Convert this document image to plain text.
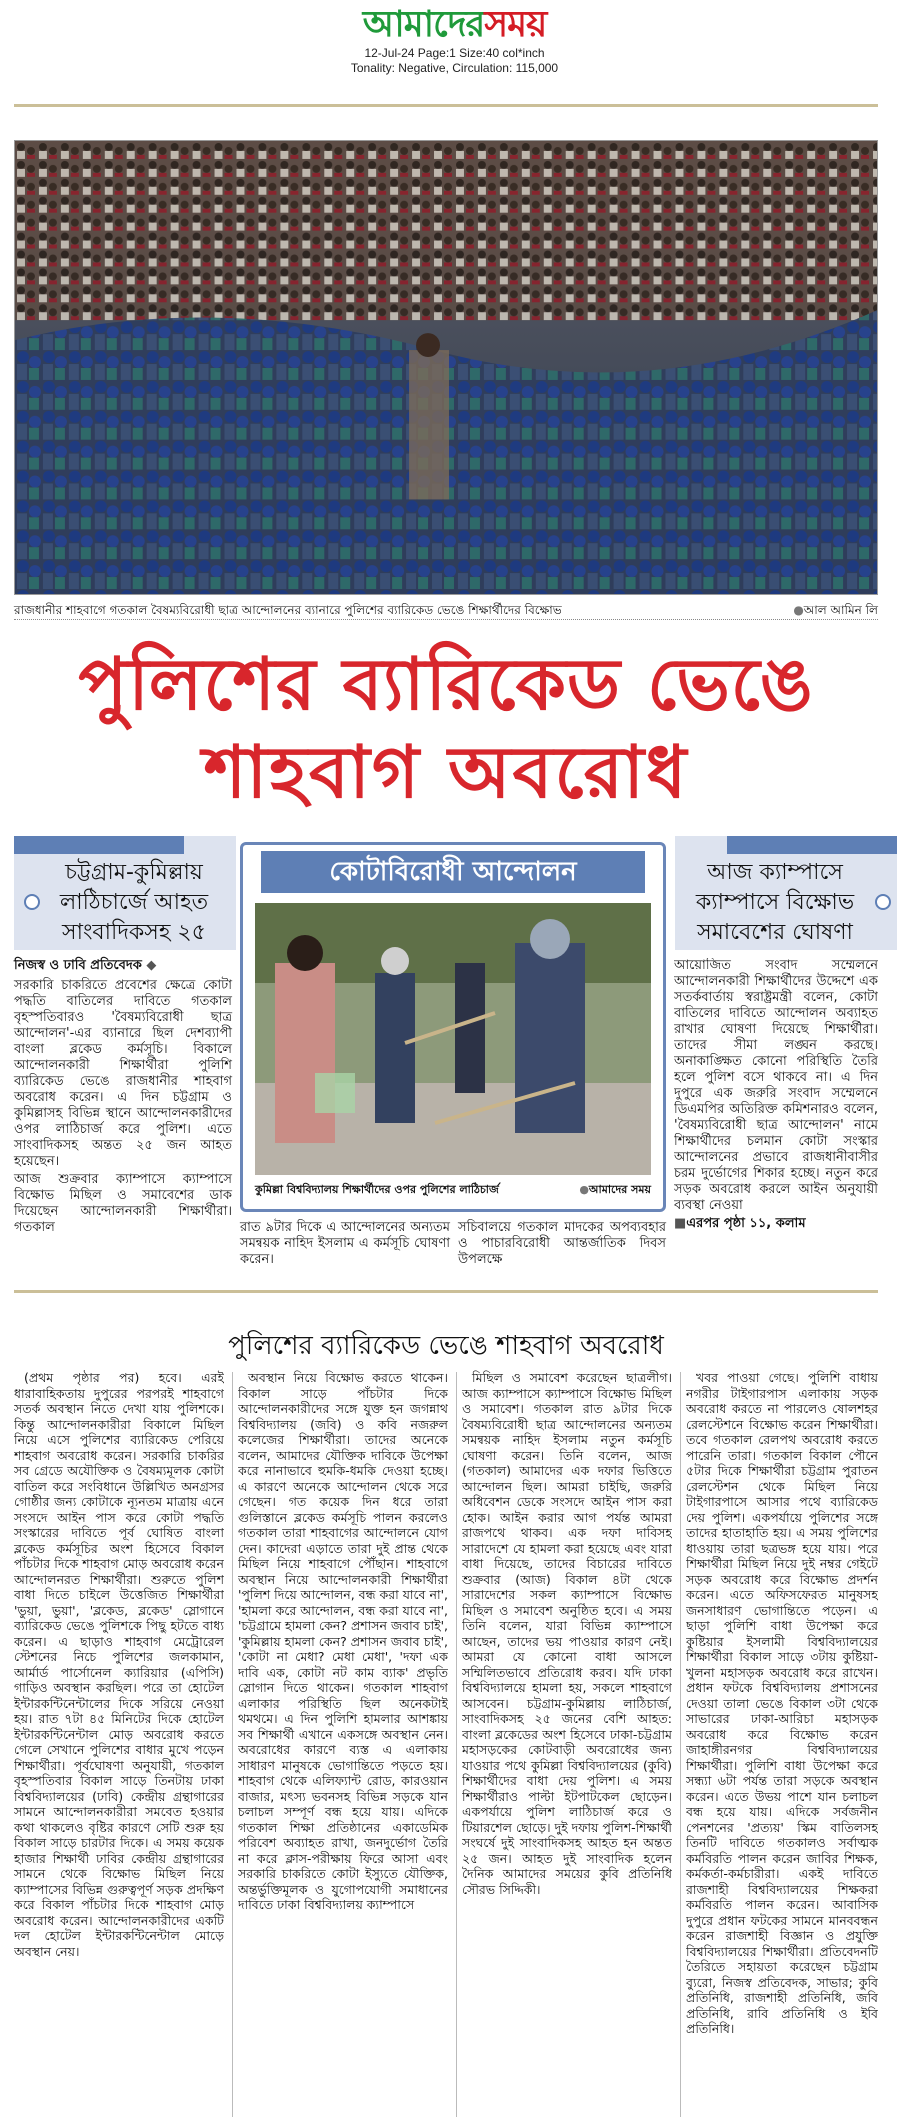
আমাদেরসময়
12-Jul-24 Page:1 Size:40 col*inch
Tonality: Negative, Circulation: 115,000
রাজধানীর শাহবাগে গতকাল বৈষম্যবিরোধী ছাত্র আন্দোলনের ব্যানারে পুলিশের ব্যারিকেড ভেঙে শিক্ষার্থীদের বিক্ষোভ	● আল আমিন লি
পুলিশের ব্যারিকেড ভেঙে
শাহবাগ অবরোধ
চট্টগ্রাম-কুমিল্লায় লাঠিচার্জে আহত সাংবাদিকসহ ২৫
আজ ক্যাম্পাসে ক্যাম্পাসে বিক্ষোভ সমাবেশের ঘোষণা
কোটাবিরোধী আন্দোলন
কুমিল্লা বিশ্ববিদ্যালয় শিক্ষার্থীদের ওপর পুলিশের লাঠিচার্জ	● আমাদের সময়
নিজস্ব ও ঢাবি প্রতিবেদক ◆

সরকারি চাকরিতে প্রবেশের ক্ষেত্রে কোটা পদ্ধতি বাতিলের দাবিতে গতকাল বৃহস্পতিবারও 'বৈষম্যবিরোধী ছাত্র আন্দোলন'-এর ব্যানারে ছিল দেশব্যাপী বাংলা ব্লকেড কর্মসূচি। বিকালে আন্দোলনকারী শিক্ষার্থীরা পুলিশি ব্যারিকেড ভেঙে রাজধানীর শাহবাগ অবরোধ করেন। এ দিন চট্টগ্রাম ও কুমিল্লাসহ বিভিন্ন স্থানে আন্দোলনকারীদের ওপর লাঠিচার্জ করে পুলিশ। এতে সাংবাদিকসহ অন্তত ২৫ জন আহত হয়েছেন।

আজ শুক্রবার ক্যাম্পাসে ক্যাম্পাসে বিক্ষোভ মিছিল ও সমাবেশের ডাক দিয়েছেন আন্দোলনকারী শিক্ষার্থীরা। গতকাল

আয়োজিত সংবাদ সম্মেলনে আন্দোলনকারী শিক্ষার্থীদের উদ্দেশে এক সতর্কবার্তায় স্বরাষ্ট্রমন্ত্রী বলেন, কোটা বাতিলের দাবিতে আন্দোলন অব্যাহত রাখার ঘোষণা দিয়েছে শিক্ষার্থীরা। তাদের সীমা লঙ্ঘন করছে। অনাকাঙ্ক্ষিত কোনো পরিস্থিতি তৈরি হলে পুলিশ বসে থাকবে না। এ দিন দুপুরে এক জরুরি সংবাদ সম্মেলনে ডিএমপির অতিরিক্ত কমিশনারও বলেন, 'বৈষম্যবিরোধী ছাত্র আন্দোলন' নামে শিক্ষার্থীদের চলমান কোটা সংস্কার আন্দোলনের প্রভাবে রাজধানীবাসীর চরম দুর্ভোগের শিকার হচ্ছে। নতুন করে সড়ক অবরোধ করলে আইন অনুযায়ী ব্যবস্থা নেওয়া

■ এরপর পৃষ্ঠা ১১, কলাম

রাত ৯টার দিকে এ আন্দোলনের অন্যতম সমন্বয়ক নাহিদ ইসলাম এ কর্মসূচি ঘোষণা করেন।

সচিবালয়ে গতকাল মাদকের অপব্যবহার ও পাচারবিরোধী আন্তর্জাতিক দিবস উপলক্ষে

পুলিশের ব্যারিকেড ভেঙে শাহবাগ অবরোধ

(প্রথম পৃষ্ঠার পর) হবে। এরই ধারাবাহিকতায় দুপুরের পরপরই শাহবাগে সতর্ক অবস্থান নিতে দেখা যায় পুলিশকে। কিন্তু আন্দোলনকারীরা বিকালে মিছিল নিয়ে এসে পুলিশের ব্যারিকেড পেরিয়ে শাহবাগ অবরোধ করেন। সরকারি চাকরির সব গ্রেডে অযৌক্তিক ও বৈষম্যমূলক কোটা বাতিল করে সংবিধানে উল্লিখিত অনগ্রসর গোষ্ঠীর জন্য কোটাকে ন্যূনতম মাত্রায় এনে সংসদে আইন পাস করে কোটা পদ্ধতি সংস্কারের দাবিতে পূর্ব ঘোষিত বাংলা ব্লকেড কর্মসূচির অংশ হিসেবে বিকাল পাঁচটার দিকে শাহবাগ মোড় অবরোধ করেন আন্দোলনরত শিক্ষার্থীরা। শুরুতে পুলিশ বাধা দিতে চাইলে উত্তেজিত শিক্ষার্থীরা 'ভুয়া, ভুয়া', 'ব্লকেড, ব্লকেড' স্লোগানে ব্যারিকেড ভেঙে পুলিশকে পিছু হটতে বাধ্য করেন। এ ছাড়াও শাহবাগ মেট্রোরেল স্টেশনের নিচে পুলিশের জলকামান, আর্মার্ড পার্সোনেল ক্যারিয়ার (এপিসি) গাড়িও অবস্থান করছিল। পরে তা হোটেল ইন্টারকন্টিনেন্টালের দিকে সরিয়ে নেওয়া হয়। রাত ৭টা ৪৫ মিনিটের দিকে হোটেল ইন্টারকন্টিনেন্টাল মোড় অবরোধ করতে গেলে সেখানে পুলিশের বাধার মুখে পড়েন শিক্ষার্থীরা। পূর্বঘোষণা অনুযায়ী, গতকাল বৃহস্পতিবার বিকাল সাড়ে তিনটায় ঢাকা বিশ্ববিদ্যালয়ের (ঢাবি) কেন্দ্রীয় গ্রন্থাগারের সামনে আন্দোলনকারীরা সমবেত হওয়ার কথা থাকলেও বৃষ্টির কারণে সেটি শুরু হয় বিকাল সাড়ে চারটার দিকে। এ সময় কয়েক হাজার শিক্ষার্থী ঢাবির কেন্দ্রীয় গ্রন্থাগারের সামনে থেকে বিক্ষোভ মিছিল নিয়ে ক্যাম্পাসের বিভিন্ন গুরুত্বপূর্ণ সড়ক প্রদক্ষিণ করে বিকাল পাঁচটার দিকে শাহবাগ মোড় অবরোধ করেন। আন্দোলনকারীদের একটি দল হোটেল ইন্টারকন্টিনেন্টাল মোড়ে অবস্থান নেয়।

অবস্থান নিয়ে বিক্ষোভ করতে থাকেন। বিকাল সাড়ে পাঁচটার দিকে আন্দোলনকারীদের সঙ্গে যুক্ত হন জগন্নাথ বিশ্ববিদ্যালয় (জবি) ও কবি নজরুল কলেজের শিক্ষার্থীরা। তাদের অনেকে বলেন, আমাদের যৌক্তিক দাবিকে উপেক্ষা করে নানাভাবে হুমকি-ধমকি দেওয়া হচ্ছে। এ কারণে অনেকে আন্দোলন থেকে সরে গেছেন। গত কয়েক দিন ধরে তারা গুলিস্তানে ব্লকেড কর্মসূচি পালন করলেও গতকাল তারা শাহবাগের আন্দোলনে যোগ দেন। কাদেরা এড়াতে তারা দুই প্রান্ত থেকে মিছিল নিয়ে শাহবাগে পৌঁছান। শাহবাগে অবস্থান নিয়ে আন্দোলনকারী শিক্ষার্থীরা 'পুলিশ দিয়ে আন্দোলন, বন্ধ করা যাবে না', 'হামলা করে আন্দোলন, বন্ধ করা যাবে না', 'চট্টগ্রামে হামলা কেন? প্রশাসন জবাব চাই', 'কুমিল্লায় হামলা কেন? প্রশাসন জবাব চাই', 'কোটা না মেধা? মেধা মেধা', 'দফা এক দাবি এক, কোটা নট কাম ব্যাক' প্রভৃতি স্লোগান দিতে থাকেন। গতকাল শাহবাগ এলাকার পরিস্থিতি ছিল অনেকটাই থমথমে। এ দিন পুলিশি হামলার আশঙ্কায় সব শিক্ষার্থী এখানে একসঙ্গে অবস্থান নেন। অবরোধের কারণে ব্যস্ত এ এলাকায় সাধারণ মানুষকে ভোগান্তিতে পড়তে হয়। শাহবাগ থেকে এলিফ্যান্ট রোড, কারওয়ান বাজার, মৎস্য ভবনসহ বিভিন্ন সড়কে যান চলাচল সম্পূর্ণ বন্ধ হয়ে যায়। এদিকে গতকাল শিক্ষা প্রতিষ্ঠানের একাডেমিক পরিবেশ অব্যাহত রাখা, জনদুর্ভোগ তৈরি না করে ক্লাস-পরীক্ষায় ফিরে আসা এবং সরকারি চাকরিতে কোটা ইস্যুতে যৌক্তিক, অন্তর্ভুক্তিমূলক ও যুগোপযোগী সমাধানের দাবিতে ঢাকা বিশ্ববিদ্যালয় ক্যাম্পাসে

মিছিল ও সমাবেশ করেছেন ছাত্রলীগ। আজ ক্যাম্পাসে ক্যাম্পাসে বিক্ষোভ মিছিল ও সমাবেশ। গতকাল রাত ৯টার দিকে বৈষম্যবিরোধী ছাত্র আন্দোলনের অন্যতম সমন্বয়ক নাহিদ ইসলাম নতুন কর্মসূচি ঘোষণা করেন। তিনি বলেন, আজ (গতকাল) আমাদের এক দফার ভিত্তিতে আন্দোলন ছিল। আমরা চাইছি, জরুরি অধিবেশন ডেকে সংসদে আইন পাস করা হোক। আইন করার আগ পর্যন্ত আমরা রাজপথে থাকব। এক দফা দাবিসহ সারাদেশে যে হামলা করা হয়েছে এবং যারা বাধা দিয়েছে, তাদের বিচারের দাবিতে শুক্রবার (আজ) বিকাল ৪টা থেকে সারাদেশের সকল ক্যাম্পাসে বিক্ষোভ মিছিল ও সমাবেশ অনুষ্ঠিত হবে। এ সময় তিনি বলেন, যারা বিভিন্ন ক্যাম্পাসে আছেন, তাদের ভয় পাওয়ার কারণ নেই। আমরা যে কোনো বাধা আসলে সম্মিলিতভাবে প্রতিরোধ করব। যদি ঢাকা বিশ্ববিদ্যালয়ে হামলা হয়, সকলে শাহবাগে আসবেন। চট্টগ্রাম-কুমিল্লায় লাঠিচার্জ, সাংবাদিকসহ ২৫ জনের বেশি আহত: বাংলা ব্লকেডের অংশ হিসেবে ঢাকা-চট্টগ্রাম মহাসড়কের কোটবাড়ী অবরোধের জন্য যাওয়ার পথে কুমিল্লা বিশ্ববিদ্যালয়ের (কুবি) শিক্ষার্থীদের বাধা দেয় পুলিশ। এ সময় শিক্ষার্থীরাও পাল্টা ইটপাটকেল ছোড়েন। একপর্যায়ে পুলিশ লাঠিচার্জ করে ও টিয়ারশেল ছোড়ে। দুই দফায় পুলিশ-শিক্ষার্থী সংঘর্ষে দুই সাংবাদিকসহ আহত হন অন্তত ২৫ জন। আহত দুই সাংবাদিক হলেন দৈনিক আমাদের সময়ের কুবি প্রতিনিধি সৌরভ সিদ্দিকী।

খবর পাওয়া গেছে। পুলিশি বাধায় নগরীর টাইগারপাস এলাকায় সড়ক অবরোধ করতে না পারলেও ষোলশহর রেলস্টেশনে বিক্ষোভ করেন শিক্ষার্থীরা। তবে গতকাল রেলপথ অবরোধ করতে পারেনি তারা। গতকাল বিকাল পৌনে ৫টার দিকে শিক্ষার্থীরা চট্টগ্রাম পুরাতন রেলস্টেশন থেকে মিছিল নিয়ে টাইগারপাসে আসার পথে ব্যারিকেড দেয় পুলিশ। একপর্যায়ে পুলিশের সঙ্গে তাদের হাতাহাতি হয়। এ সময় পুলিশের ধাওয়ায় তারা ছত্রভঙ্গ হয়ে যায়। পরে শিক্ষার্থীরা মিছিল নিয়ে দুই নম্বর গেইটে সড়ক অবরোধ করে বিক্ষোভ প্রদর্শন করেন। এতে অফিসফেরত মানুষসহ জনসাধারণ ভোগান্তিতে পড়েন। এ ছাড়া পুলিশি বাধা উপেক্ষা করে কুষ্টিয়ার ইসলামী বিশ্ববিদ্যালয়ের শিক্ষার্থীরা বিকাল সাড়ে ৩টায় কুষ্টিয়া-খুলনা মহাসড়ক অবরোধ করে রাখেন। প্রধান ফটকে বিশ্ববিদ্যালয় প্রশাসনের দেওয়া তালা ভেঙে বিকাল ৩টা থেকে সাভারের ঢাকা-আরিচা মহাসড়ক অবরোধ করে বিক্ষোভ করেন জাহাঙ্গীরনগর বিশ্ববিদ্যালয়ের শিক্ষার্থীরা। পুলিশি বাধা উপেক্ষা করে সন্ধ্যা ৬টা পর্যন্ত তারা সড়কে অবস্থান করেন। এতে উভয় পাশে যান চলাচল বন্ধ হয়ে যায়। এদিকে সর্বজনীন পেনশনের 'প্রত্যয়' স্কিম বাতিলসহ তিনটি দাবিতে গতকালও সর্বাত্মক কর্মবিরতি পালন করেন জাবির শিক্ষক, কর্মকর্তা-কর্মচারীরা। একই দাবিতে রাজশাহী বিশ্ববিদ্যালয়ের শিক্ষকরা কর্মবিরতি পালন করেন। আবাসিক দুপুরে প্রধান ফটকের সামনে মানববন্ধন করেন রাজশাহী বিজ্ঞান ও প্রযুক্তি বিশ্ববিদ্যালয়ের শিক্ষার্থীরা। প্রতিবেদনটি তৈরিতে সহায়তা করেছেন চট্টগ্রাম ব্যুরো, নিজস্ব প্রতিবেদক, সাভার; কুবি প্রতিনিধি, রাজশাহী প্রতিনিধি, জবি প্রতিনিধি, রাবি প্রতিনিধি ও ইবি প্রতিনিধি।
